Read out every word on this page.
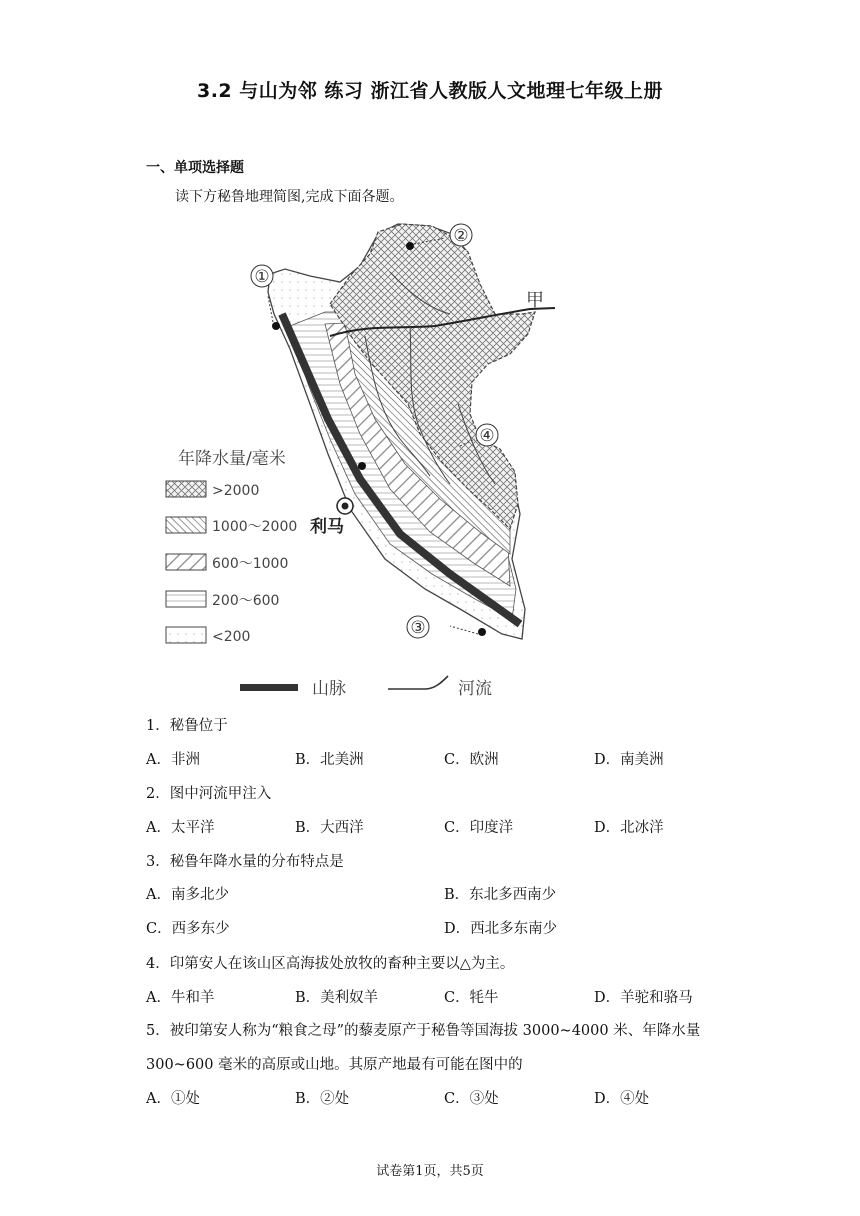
3.2 与山为邻 练习 浙江省人教版人文地理七年级上册
一、单项选择题
读下方秘鲁地理简图,完成下面各题。
①
②
③
④
甲
利马
年降水量/毫米
>2000
1000～2000
600～1000
200～600
<200
山脉	河流
1．秘鲁位于
A．非洲	B．北美洲	C．欧洲	D．南美洲
2．图中河流甲注入
A．太平洋	B．大西洋	C．印度洋	D．北冰洋
3．秘鲁年降水量的分布特点是
A．南多北少	B．东北多西南少
C．西多东少	D．西北多东南少
4．印第安人在该山区高海拔处放牧的畜种主要以△为主。
A．牛和羊	B．美利奴羊	C．牦牛	D．羊驼和骆马
5．被印第安人称为“粮食之母”的藜麦原产于秘鲁等国海拔 3000~4000 米、年降水量
300~600 毫米的高原或山地。其原产地最有可能在图中的
A．①处	B．②处	C．③处	D．④处
试卷第1页，共5页
